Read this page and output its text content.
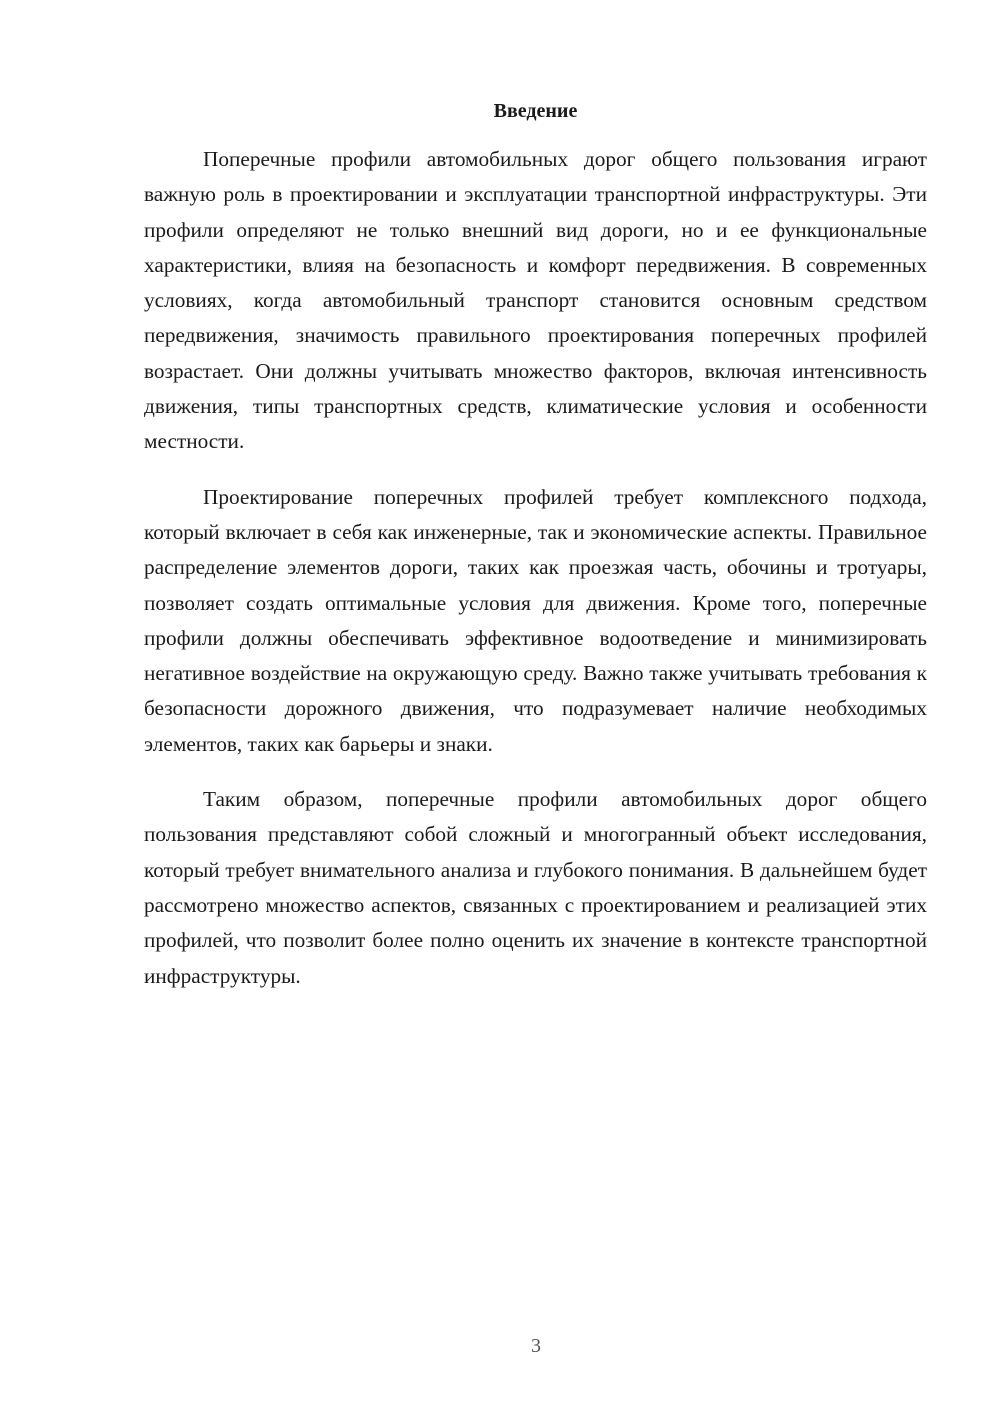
Введение

Поперечные профили автомобильных дорог общего пользования играют важную роль в проектировании и эксплуатации транспортной инфраструктуры. Эти профили определяют не только внешний вид дороги, но и ее функциональные характеристики, влияя на безопасность и комфорт передвижения. В современных условиях, когда автомобильный транспорт становится основным средством передвижения, значимость правильного проектирования поперечных профилей возрастает. Они должны учитывать множество факторов, включая интенсивность движения, типы транспортных средств, климатические условия и особенности местности.

Проектирование поперечных профилей требует комплексного подхода, который включает в себя как инженерные, так и экономические аспекты. Правильное распределение элементов дороги, таких как проезжая часть, обочины и тротуары, позволяет создать оптимальные условия для движения. Кроме того, поперечные профили должны обеспечивать эффективное водоотведение и минимизировать негативное воздействие на окружающую среду. Важно также учитывать требования к безопасности дорожного движения, что подразумевает наличие необходимых элементов, таких как барьеры и знаки.

Таким образом, поперечные профили автомобильных дорог общего пользования представляют собой сложный и многогранный объект исследования, который требует внимательного анализа и глубокого понимания. В дальнейшем будет рассмотрено множество аспектов, связанных с проектированием и реализацией этих профилей, что позволит более полно оценить их значение в контексте транспортной инфраструктуры.

3
